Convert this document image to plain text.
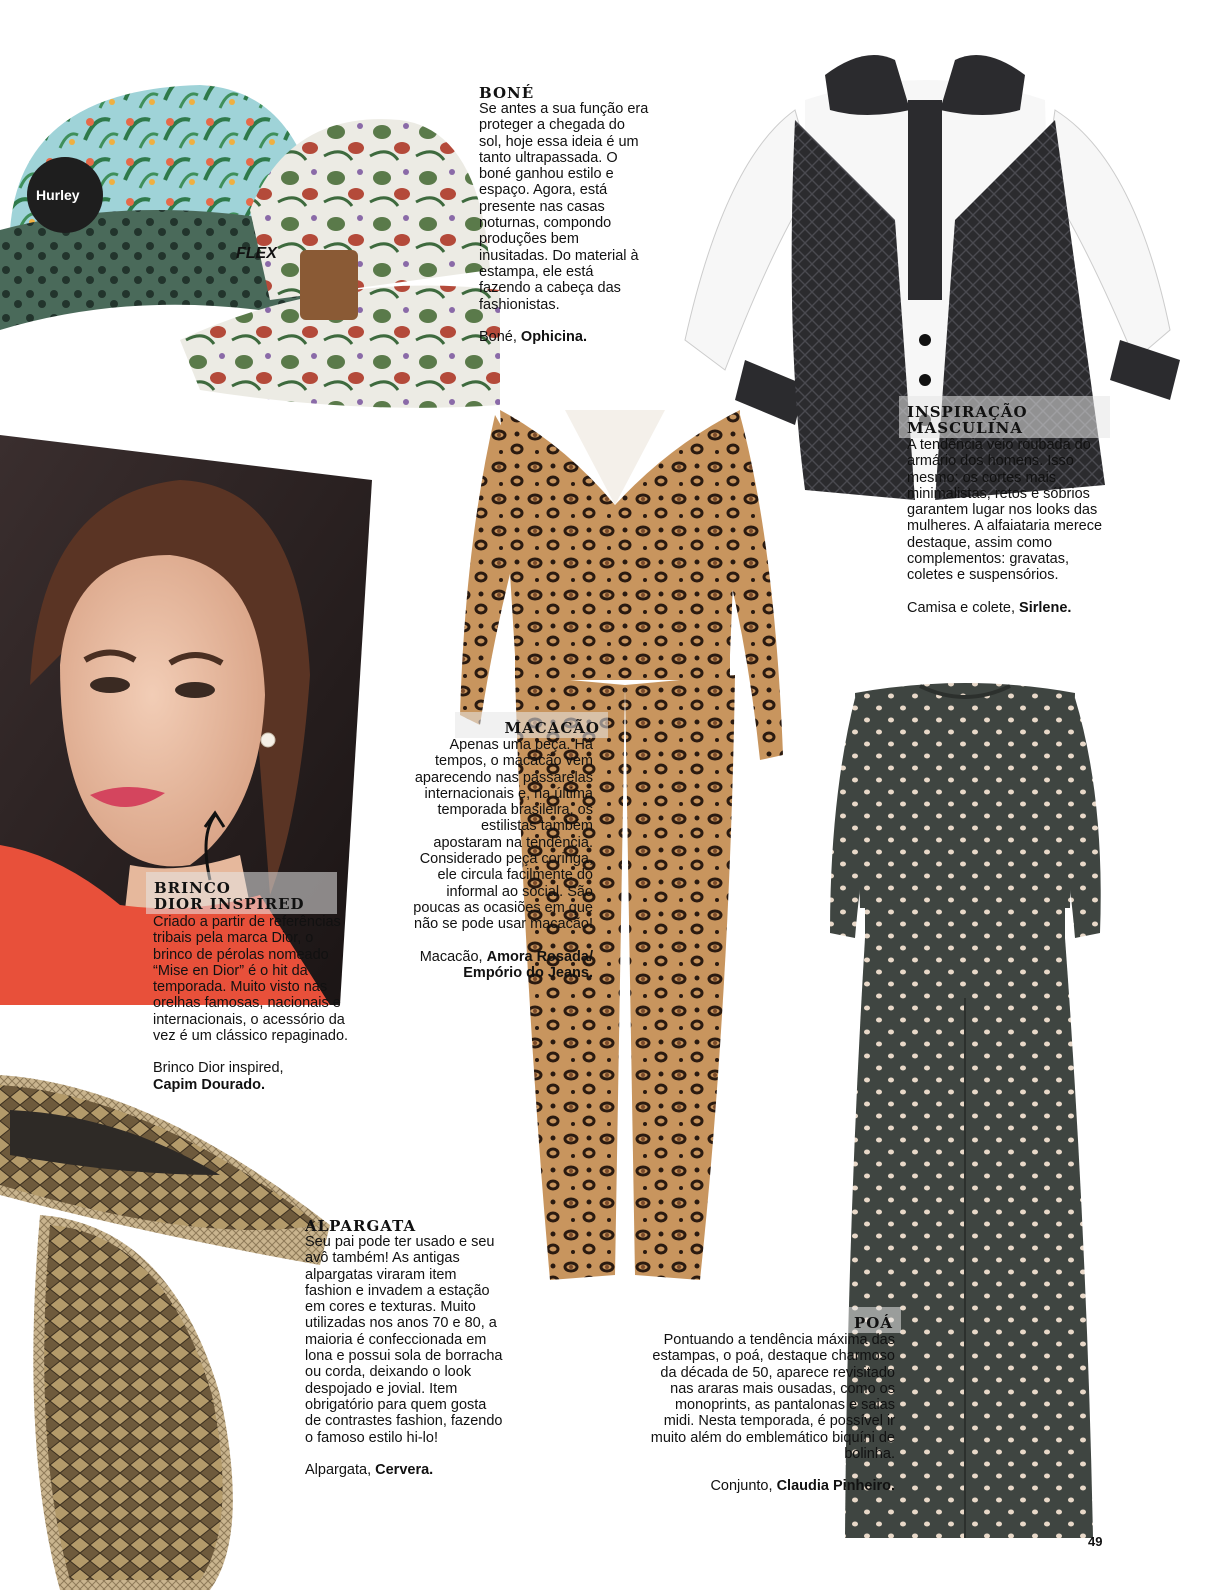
Hurley
FLEX

BONÉ

Se antes a sua função era proteger a chegada do sol, hoje essa ideia é um tanto ultrapassada. O boné ganhou estilo e espaço. Agora, está presente nas casas noturnas, compondo produções bem inusitadas. Do material à estampa, ele está fazendo a cabeça das fashionistas.

Boné, Ophicina.

INSPIRAÇÃO

MASCULINA

A tendência veio roubada do armário dos homens. Isso mesmo: os cortes mais minimalistas, retos e sóbrios garantem lugar nos looks das mulheres. A alfaiataria merece destaque, assim como complementos: gravatas, coletes e suspensórios.

Camisa e colete, Sirlene.

BRINCO

DIOR INSPIRED

Criado a partir de referências tribais pela marca Dior, o brinco de pérolas nomeado “Mise en Dior” é o hit da temporada. Muito visto nas orelhas famosas, nacionais e internacionais, o acessório da vez é um clássico repaginado.

Brinco Dior inspired,

Capim Dourado.

MACACÃO

Apenas uma peça. Há tempos, o macacão vem aparecendo nas passarelas internacionais e, na última temporada brasileira, os estilistas também apostaram na tendência. Considerado peça coringa, ele circula facilmente do informal ao social. São poucas as ocasiões em que não se pode usar macacão!

Macacão, Amora Rosada/

Empório do Jeans.

POÁ

Pontuando a tendência máxima das estampas, o poá, destaque charmoso da década de 50, aparece revisitado nas araras mais ousadas, como os monoprints, as pantalonas e saias midi. Nesta temporada, é possível ir muito além do emblemático biquíni de bolinha.

Conjunto, Claudia Pinheiro.

ALPARGATA

Seu pai pode ter usado e seu avô também! As antigas alpargatas viraram item fashion e invadem a estação em cores e texturas. Muito utilizadas nos anos 70 e 80, a maioria é confeccionada em lona e possui sola de borracha ou corda, deixando o look despojado e jovial. Item obrigatório para quem gosta de contrastes fashion, fazendo o famoso estilo hi-lo!

Alpargata, Cervera.

49
